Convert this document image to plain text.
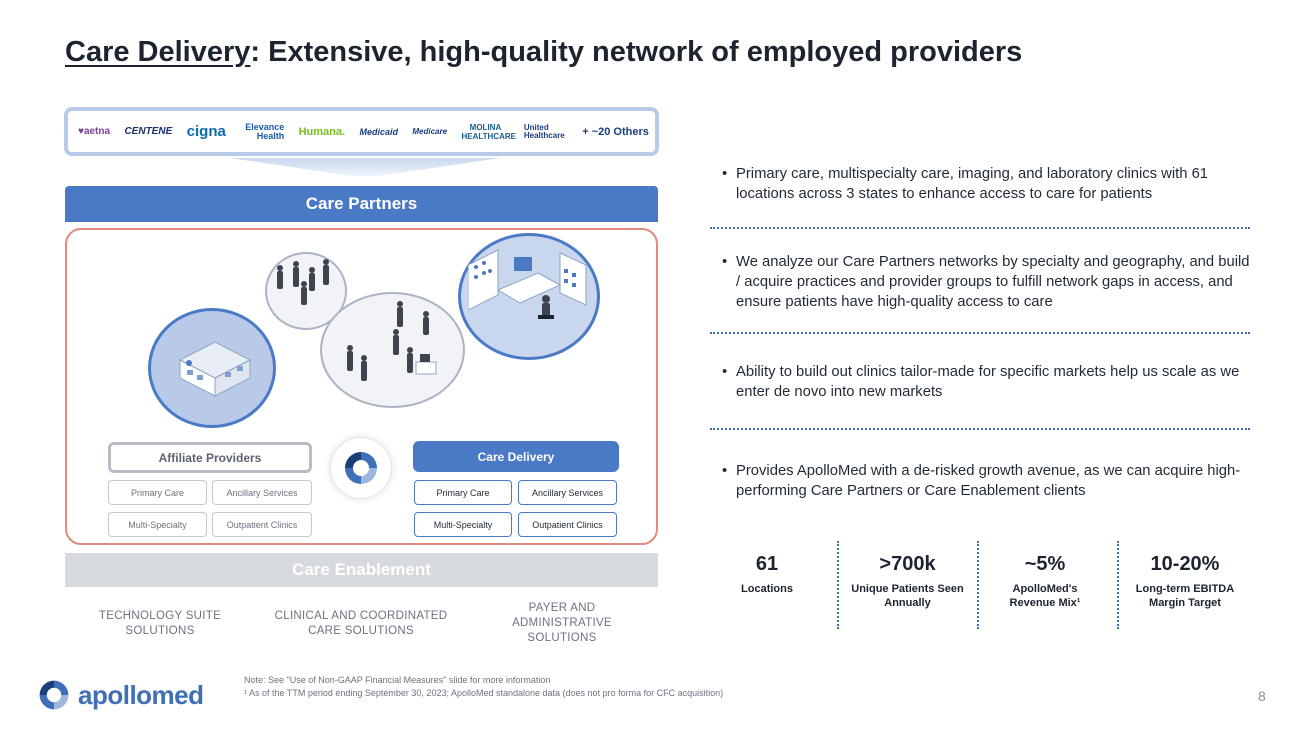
Care Delivery: Extensive, high-quality network of employed providers
♥aetna CENTENE cigna	Elevance Health Humana. Medicaid Medicare	MOLINA HEALTHCARE
United Healthcare + ~20 Others
Care Partners
Affiliate Providers
Primary Care	Ancillary Services
Multi-Specialty	Outpatient Clinics
Care Delivery
Primary Care	Ancillary Services
Multi-Specialty	Outpatient Clinics
Care Enablement
TECHNOLOGY SUITE SOLUTIONS
CLINICAL AND COORDINATED CARE SOLUTIONS
PAYER AND ADMINISTRATIVE SOLUTIONS
• Primary care, multispecialty care, imaging, and laboratory clinics with 61 locations across 3 states to enhance access to care for patients
• We analyze our Care Partners networks by specialty and geography, and build / acquire practices and provider groups to fulfill network gaps in access, and ensure patients have high-quality access to care
• Ability to build out clinics tailor-made for specific markets help us scale as we enter de novo into new markets
• Provides ApolloMed with a de-risked growth avenue, as we can acquire high-performing Care Partners or Care Enablement clients
61
Locations
>700k
Unique Patients Seen Annually
~5%
ApolloMed's Revenue Mix¹
10-20%
Long-term EBITDA Margin Target
apollomed	Note: See "Use of Non-GAAP Financial Measures" slide for more information
¹ As of the TTM period ending September 30, 2023; ApolloMed standalone data (does not pro forma for CFC acquisition)	8
